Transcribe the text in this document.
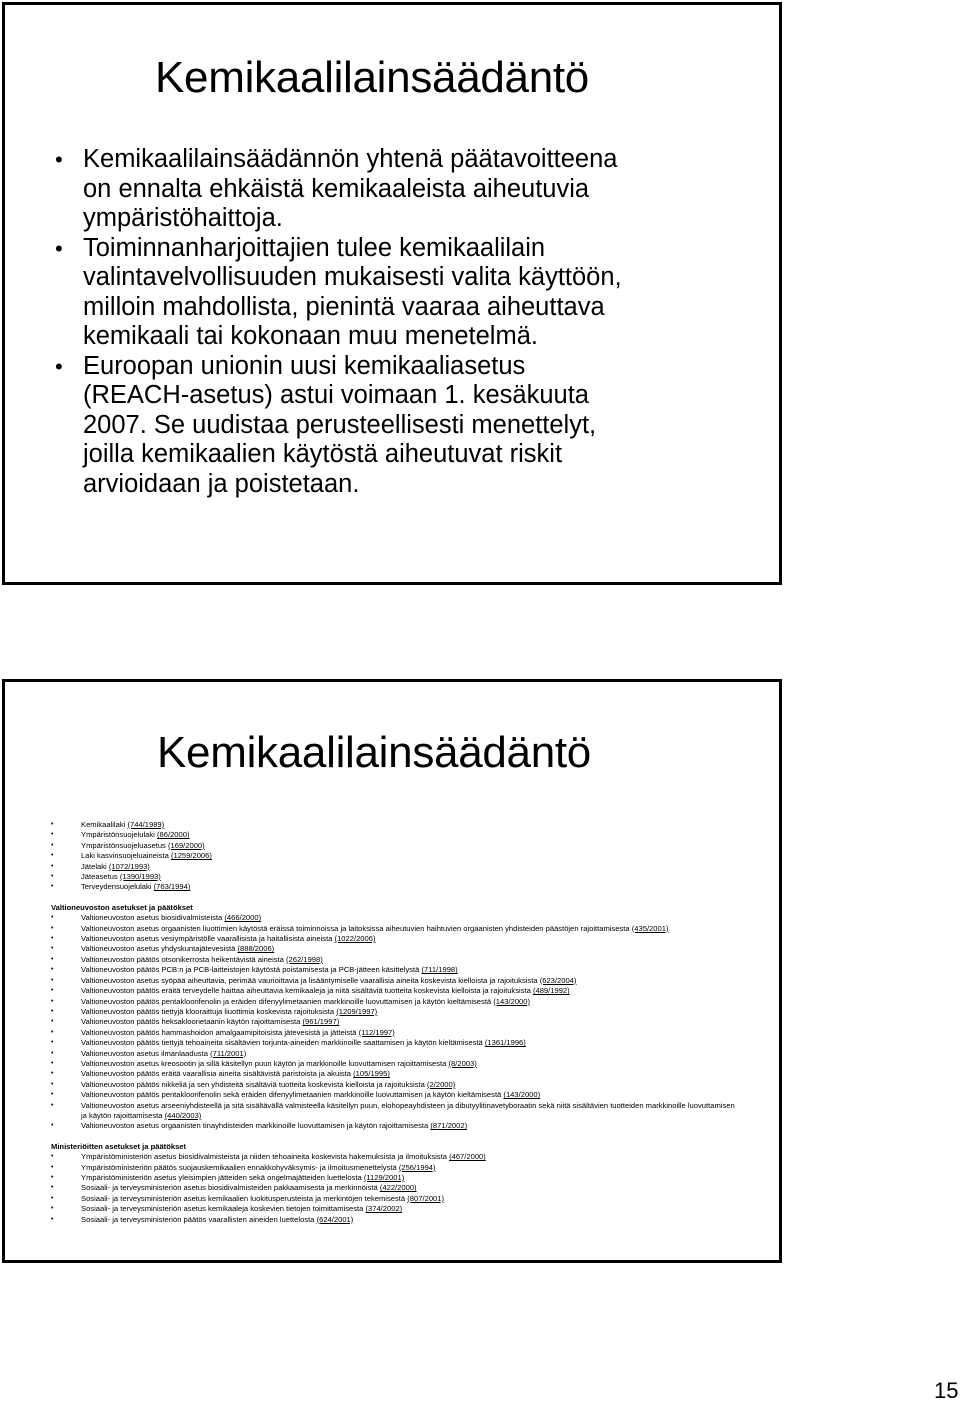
Kemikaalilainsäädäntö
• Kemikaalilainsäädännön yhtenä päätavoitteena
on ennalta ehkäistä kemikaaleista aiheutuvia
ympäristöhaittoja.
• Toiminnanharjoittajien tulee kemikaalilain
valintavelvollisuuden mukaisesti valita käyttöön,
milloin mahdollista, pienintä vaaraa aiheuttava
kemikaali tai kokonaan muu menetelmä.
• Euroopan unionin uusi kemikaaliasetus
(REACH-asetus) astui voimaan 1. kesäkuuta
2007. Se uudistaa perusteellisesti menettelyt,
joilla kemikaalien käytöstä aiheutuvat riskit
arvioidaan ja poistetaan.
Kemikaalilainsäädäntö
•	Kemikaalilaki (744/1989)
•	Ympäristönsuojelulaki (86/2000)
•	Ympäristönsuojeluasetus (169/2000)
•	Laki kasvinsuojeluaineista (1259/2006)
•	Jätelaki (1072/1993)
•	Jäteasetus (1390/1993)
•	Terveydensuojelulaki (763/1994)
Valtioneuvoston asetukset ja päätökset
•	Valtioneuvoston asetus biosidivalmisteista (466/2000)
•	Valtioneuvoston asetus orgaanisten liuottimien käytöstä eräissä toiminnoissa ja laitoksissa aiheutuvien haihtuvien orgaanisten yhdisteiden päästöjen rajoittamisesta (435/2001)
•	Valtioneuvoston asetus vesiympäristölle vaarallisista ja haitallisista aineista (1022/2006)
•	Valtioneuvoston asetus yhdyskuntajätevesistä (888/2006)
•	Valtioneuvoston päätös otsonikerrosta heikentävistä aineista (262/1998)
•	Valtioneuvoston päätös PCB:n ja PCB-laitteistojen käytöstä poistamisesta ja PCB-jätteen käsittelystä (711/1998)
•	Valtioneuvoston asetus syöpää aiheuttavia, perimää vaurioittavia ja lisääntymiselle vaarallisia aineita koskevista kielloista ja rajoituksista (623/2004)
•	Valtioneuvoston päätös eräitä terveydelle haittaa aiheuttavia kemikaaleja ja niitä sisältäviä tuotteita koskevista kielloista ja rajoituksista (489/1992)
•	Valtioneuvoston päätös pentakloorifenolin ja eräiden difenyylimetaanien markkinoille luovuttamisen ja käytön kieltämisestä (143/2000)
•	Valtioneuvoston päätös tiettyjä klooraittuja liuottimia koskevista rajoituksista (1209/1997)
•	Valtioneuvoston päätös heksakloorietaanin käytön rajoittamisesta (961/1997)
•	Valtioneuvoston päätös hammashoidon amalgaamipitoisista jätevesistä ja jätteistä (112/1997)
•	Valtioneuvoston päätös tiettyjä tehoaineita sisältävien torjunta-aineiden markkinoille saattamisen ja käytön kieltämisestä (1361/1996)
•	Valtioneuvoston asetus ilmanlaadusta (711/2001)
•	Valtioneuvoston asetus kreosootin ja sillä käsitellyn puun käytön ja markkinoille luovuttamisen rajoittamisesta (8/2003)
•	Valtioneuvoston päätös eräitä vaarallisia aineita sisältävistä paristoista ja akuista (105/1995)
•	Valtioneuvoston päätös nikkeliä ja sen yhdisteitä sisältäviä tuotteita koskevista kielloista ja rajoituksista (2/2000)
•	Valtioneuvoston päätös pentakloorifenolin sekä eräiden difenyylimetaanien markkinoille luovuttamisen ja käytön kieltämisestä (143/2000)
•	Valtioneuvoston asetus arseeniyhdisteellä ja sitä sisältävällä valmisteella käsitellyn puun, elohopeayhdisteen ja dibutyylitinavetyboraatin sekä niitä sisältävien tuotteiden markkinoille luovuttamisen ja käytön rajoittamisesta (440/2003)
•	Valtioneuvoston asetus orgaanisten tinayhdisteiden markkinoille luovuttamisen ja käytön rajoittamisesta (871/2002)
Ministeriöitten asetukset ja päätökset
•	Ympäristöministeriön asetus biosidivalmisteista ja niiden tehoaineita koskevista hakemuksista ja ilmoituksista (467/2000)
•	Ympäristöministeriön päätös suojauskemikaalien ennakkohyväksymis- ja ilmoitusmenettelystä (256/1994)
•	Ympäristöministeriön asetus yleisimpien jätteiden sekä ongelmajätteiden luettelosta (1129/2001)
•	Sosiaali- ja terveysministeriön asetus biosidivalmisteiden pakkaamisesta ja merkinnöistä (422/2000)
•	Sosiaali- ja terveysministeriön asetus kemikaalien luokitusperusteista ja merkintöjen tekemisestä (807/2001)
•	Sosiaali- ja terveysministeriön asetus kemikaaleja koskevien tietojen toimittamisesta (374/2002)
•	Sosiaali- ja terveysministeriön päätös vaarallisten aineiden luettelosta (624/2001)
15
